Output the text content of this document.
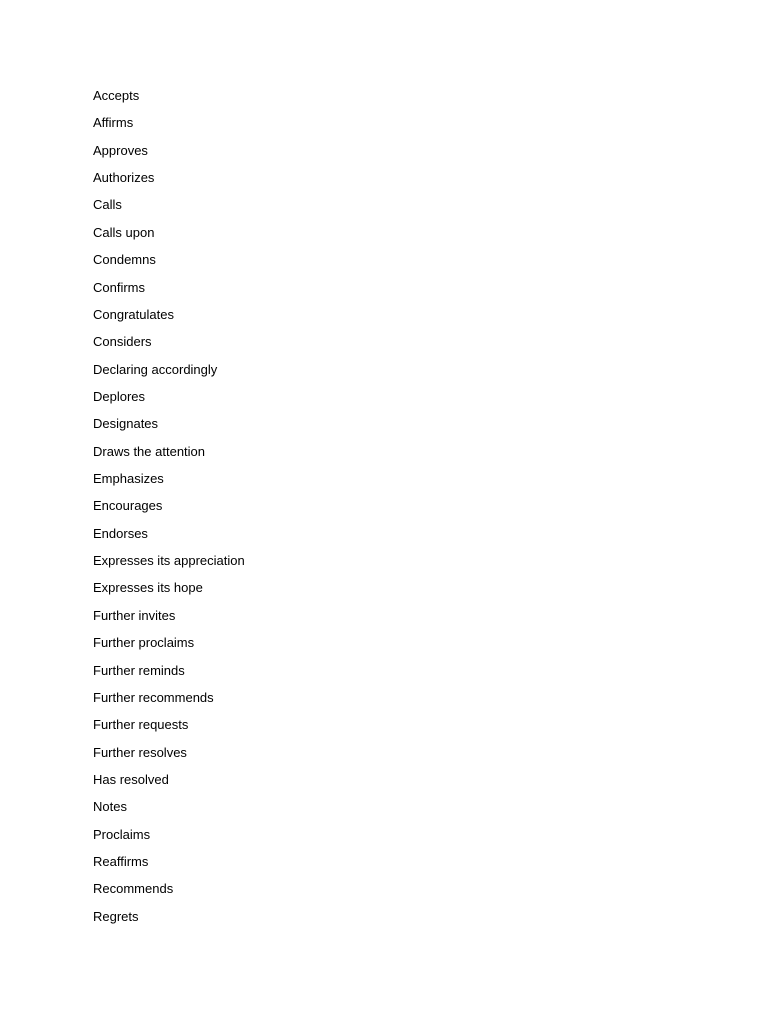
Accepts
Affirms
Approves
Authorizes
Calls
Calls upon
Condemns
Confirms
Congratulates
Considers
Declaring accordingly
Deplores
Designates
Draws the attention
Emphasizes
Encourages
Endorses
Expresses its appreciation
Expresses its hope
Further invites
Further proclaims
Further reminds
Further recommends
Further requests
Further resolves
Has resolved
Notes
Proclaims
Reaffirms
Recommends
Regrets
